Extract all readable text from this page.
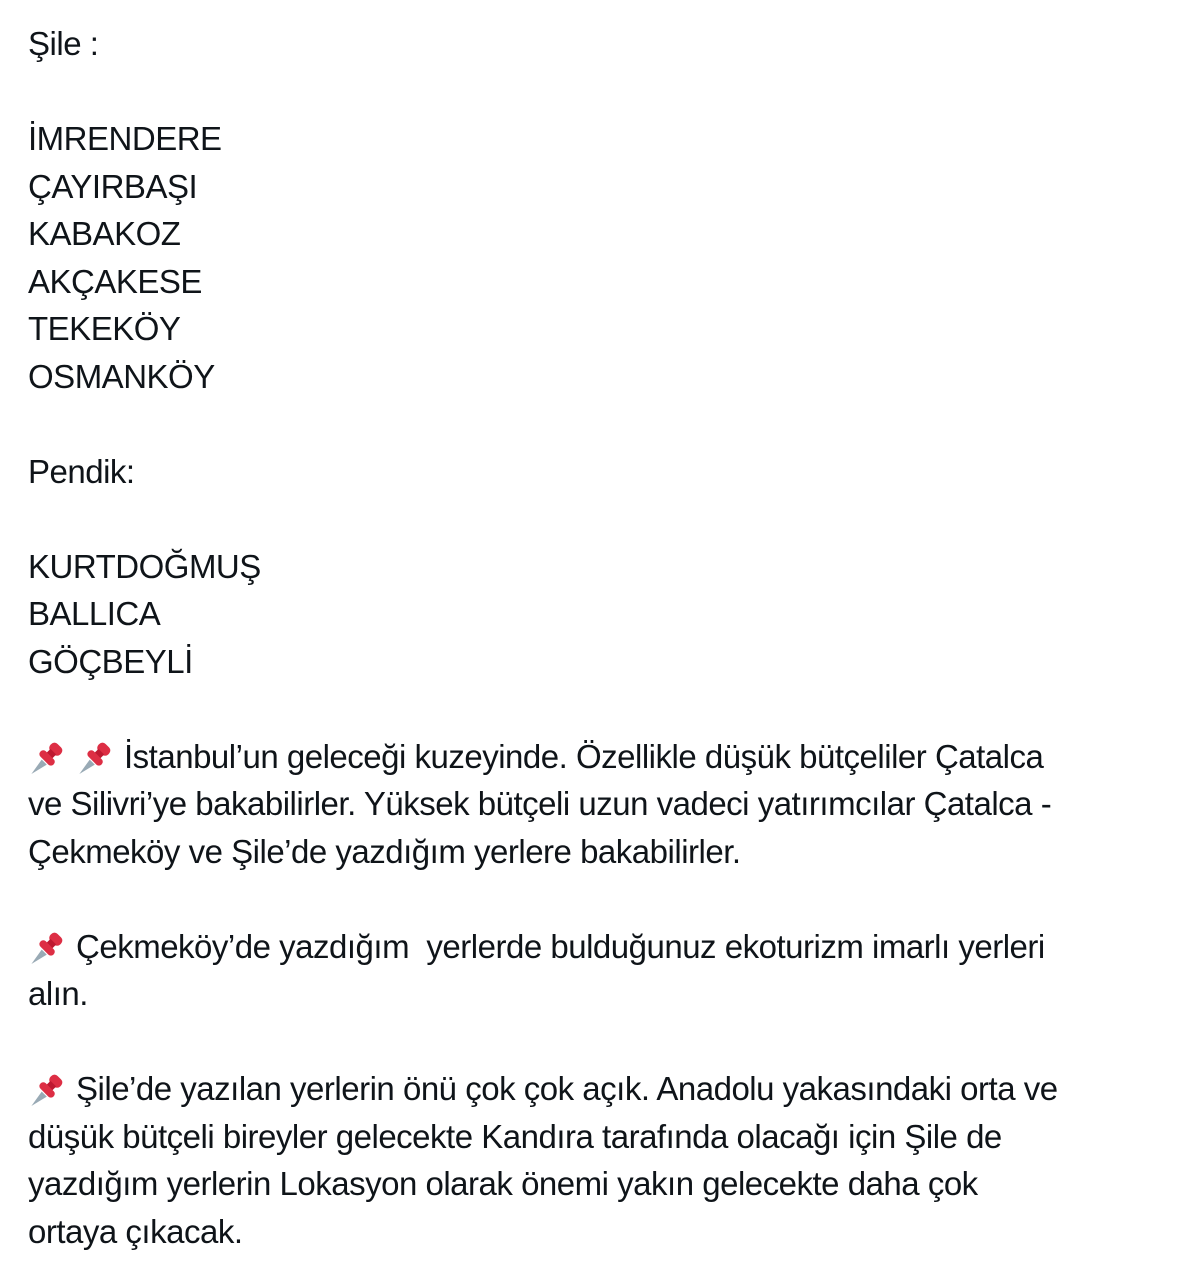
Şile :
İMRENDERE
ÇAYIRBAŞI
KABAKOZ
AKÇAKESE
TEKEKÖY
OSMANKÖY
Pendik:
KURTDOĞMUŞ
BALLICA
GÖÇBEYLİ
İstanbul’un geleceği kuzeyinde. Özellikle düşük bütçeliler Çatalca
ve Silivri’ye bakabilirler. Yüksek bütçeli uzun vadeci yatırımcılar Çatalca -
Çekmeköy ve Şile’de yazdığım yerlere bakabilirler.
Çekmeköy’de yazdığım  yerlerde bulduğunuz ekoturizm imarlı yerleri
alın.
Şile’de yazılan yerlerin önü çok çok açık. Anadolu yakasındaki orta ve
düşük bütçeli bireyler gelecekte Kandıra tarafında olacağı için Şile de
yazdığım yerlerin Lokasyon olarak önemi yakın gelecekte daha çok
ortaya çıkacak.
